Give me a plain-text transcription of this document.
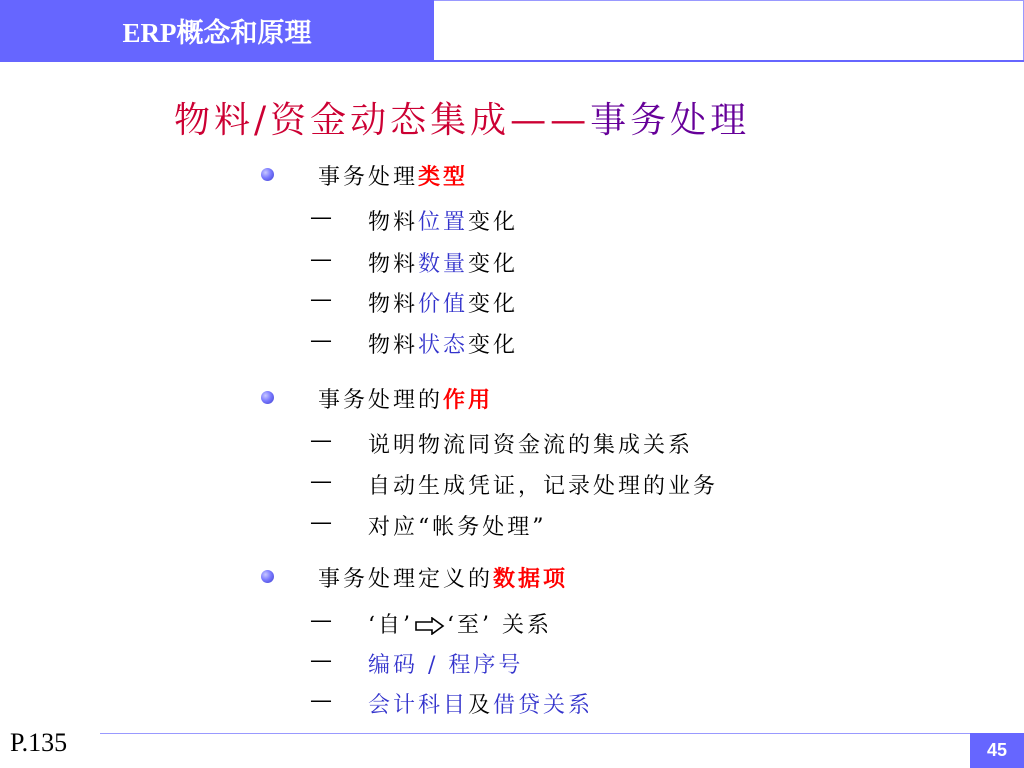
ERP概念和原理
物料/资金动态集成——事务处理
事务处理类型
— 物料位置变化
— 物料数量变化
— 物料价值变化
— 物料状态变化
事务处理的作用
— 说明物流同资金流的集成关系
— 自动生成凭证，记录处理的业务
— 对应“帐务处理”
事务处理定义的数据项
— ‘自’ ‘至’ 关系
— 编码 / 程序号
— 会计科目及借贷关系
P.135	45
